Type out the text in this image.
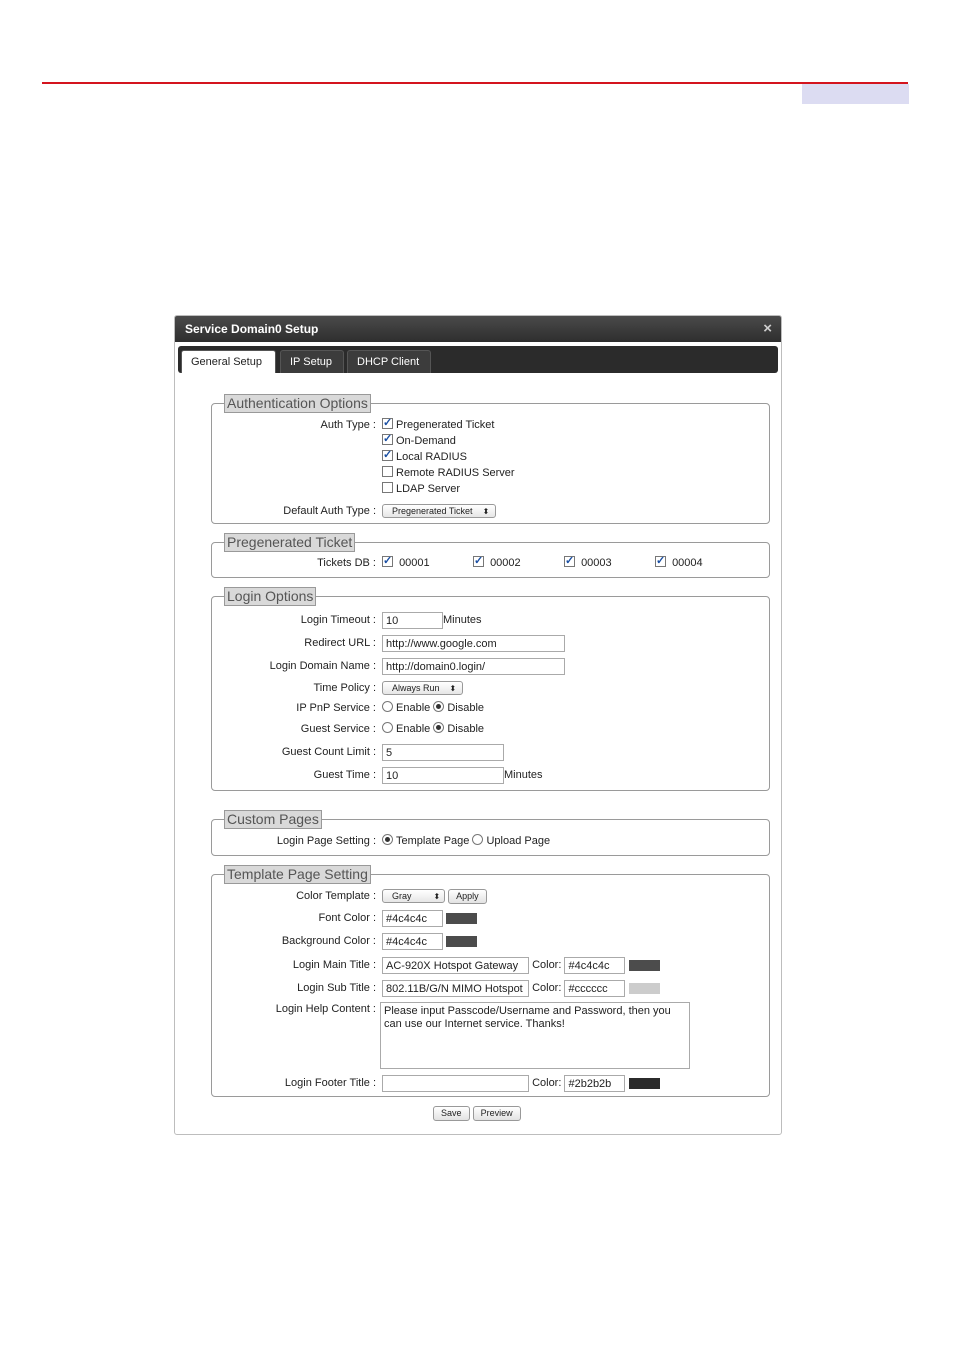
Service Domain0 Setup	×
General Setup	IP Setup	DHCP Client
Authentication Options
Auth Type : ✓	Pregenerated Ticket
✓On-Demand
✓Local RADIUS
Remote RADIUS Server
LDAP Server
Default Auth Type :	Pregenerated Ticket ⬍
Pregenerated Ticket
Tickets DB : ✓	00001 ✓	00002 ✓	00003 ✓	00004
Login Options
Login Timeout : 10	Minutes
Redirect URL : http://www.google.com
Login Domain Name : http://domain0.login/
Time Policy :	Always Run ⬍
IP PnP Service :	Enable Disable
Guest Service :	Enable Disable
Guest Count Limit : 5
Guest Time : 10	Minutes
Custom Pages
Login Page Setting :	Template Page Upload Page
Template Page Setting
Color Template :	Gray	⬍ Apply
Font Color : #4c4c4c
Background Color : #4c4c4c
Login Main Title : AC-920X Hotspot Gateway Color: #4c4c4c
Login Sub Title : 802.11B/G/N MIMO Hotspot Color: #cccccc
Login Help Content : Please input Passcode/Username and Password, then you can use our Internet service. Thanks!
Login Footer Title :	Color: #2b2b2b
Save Preview
